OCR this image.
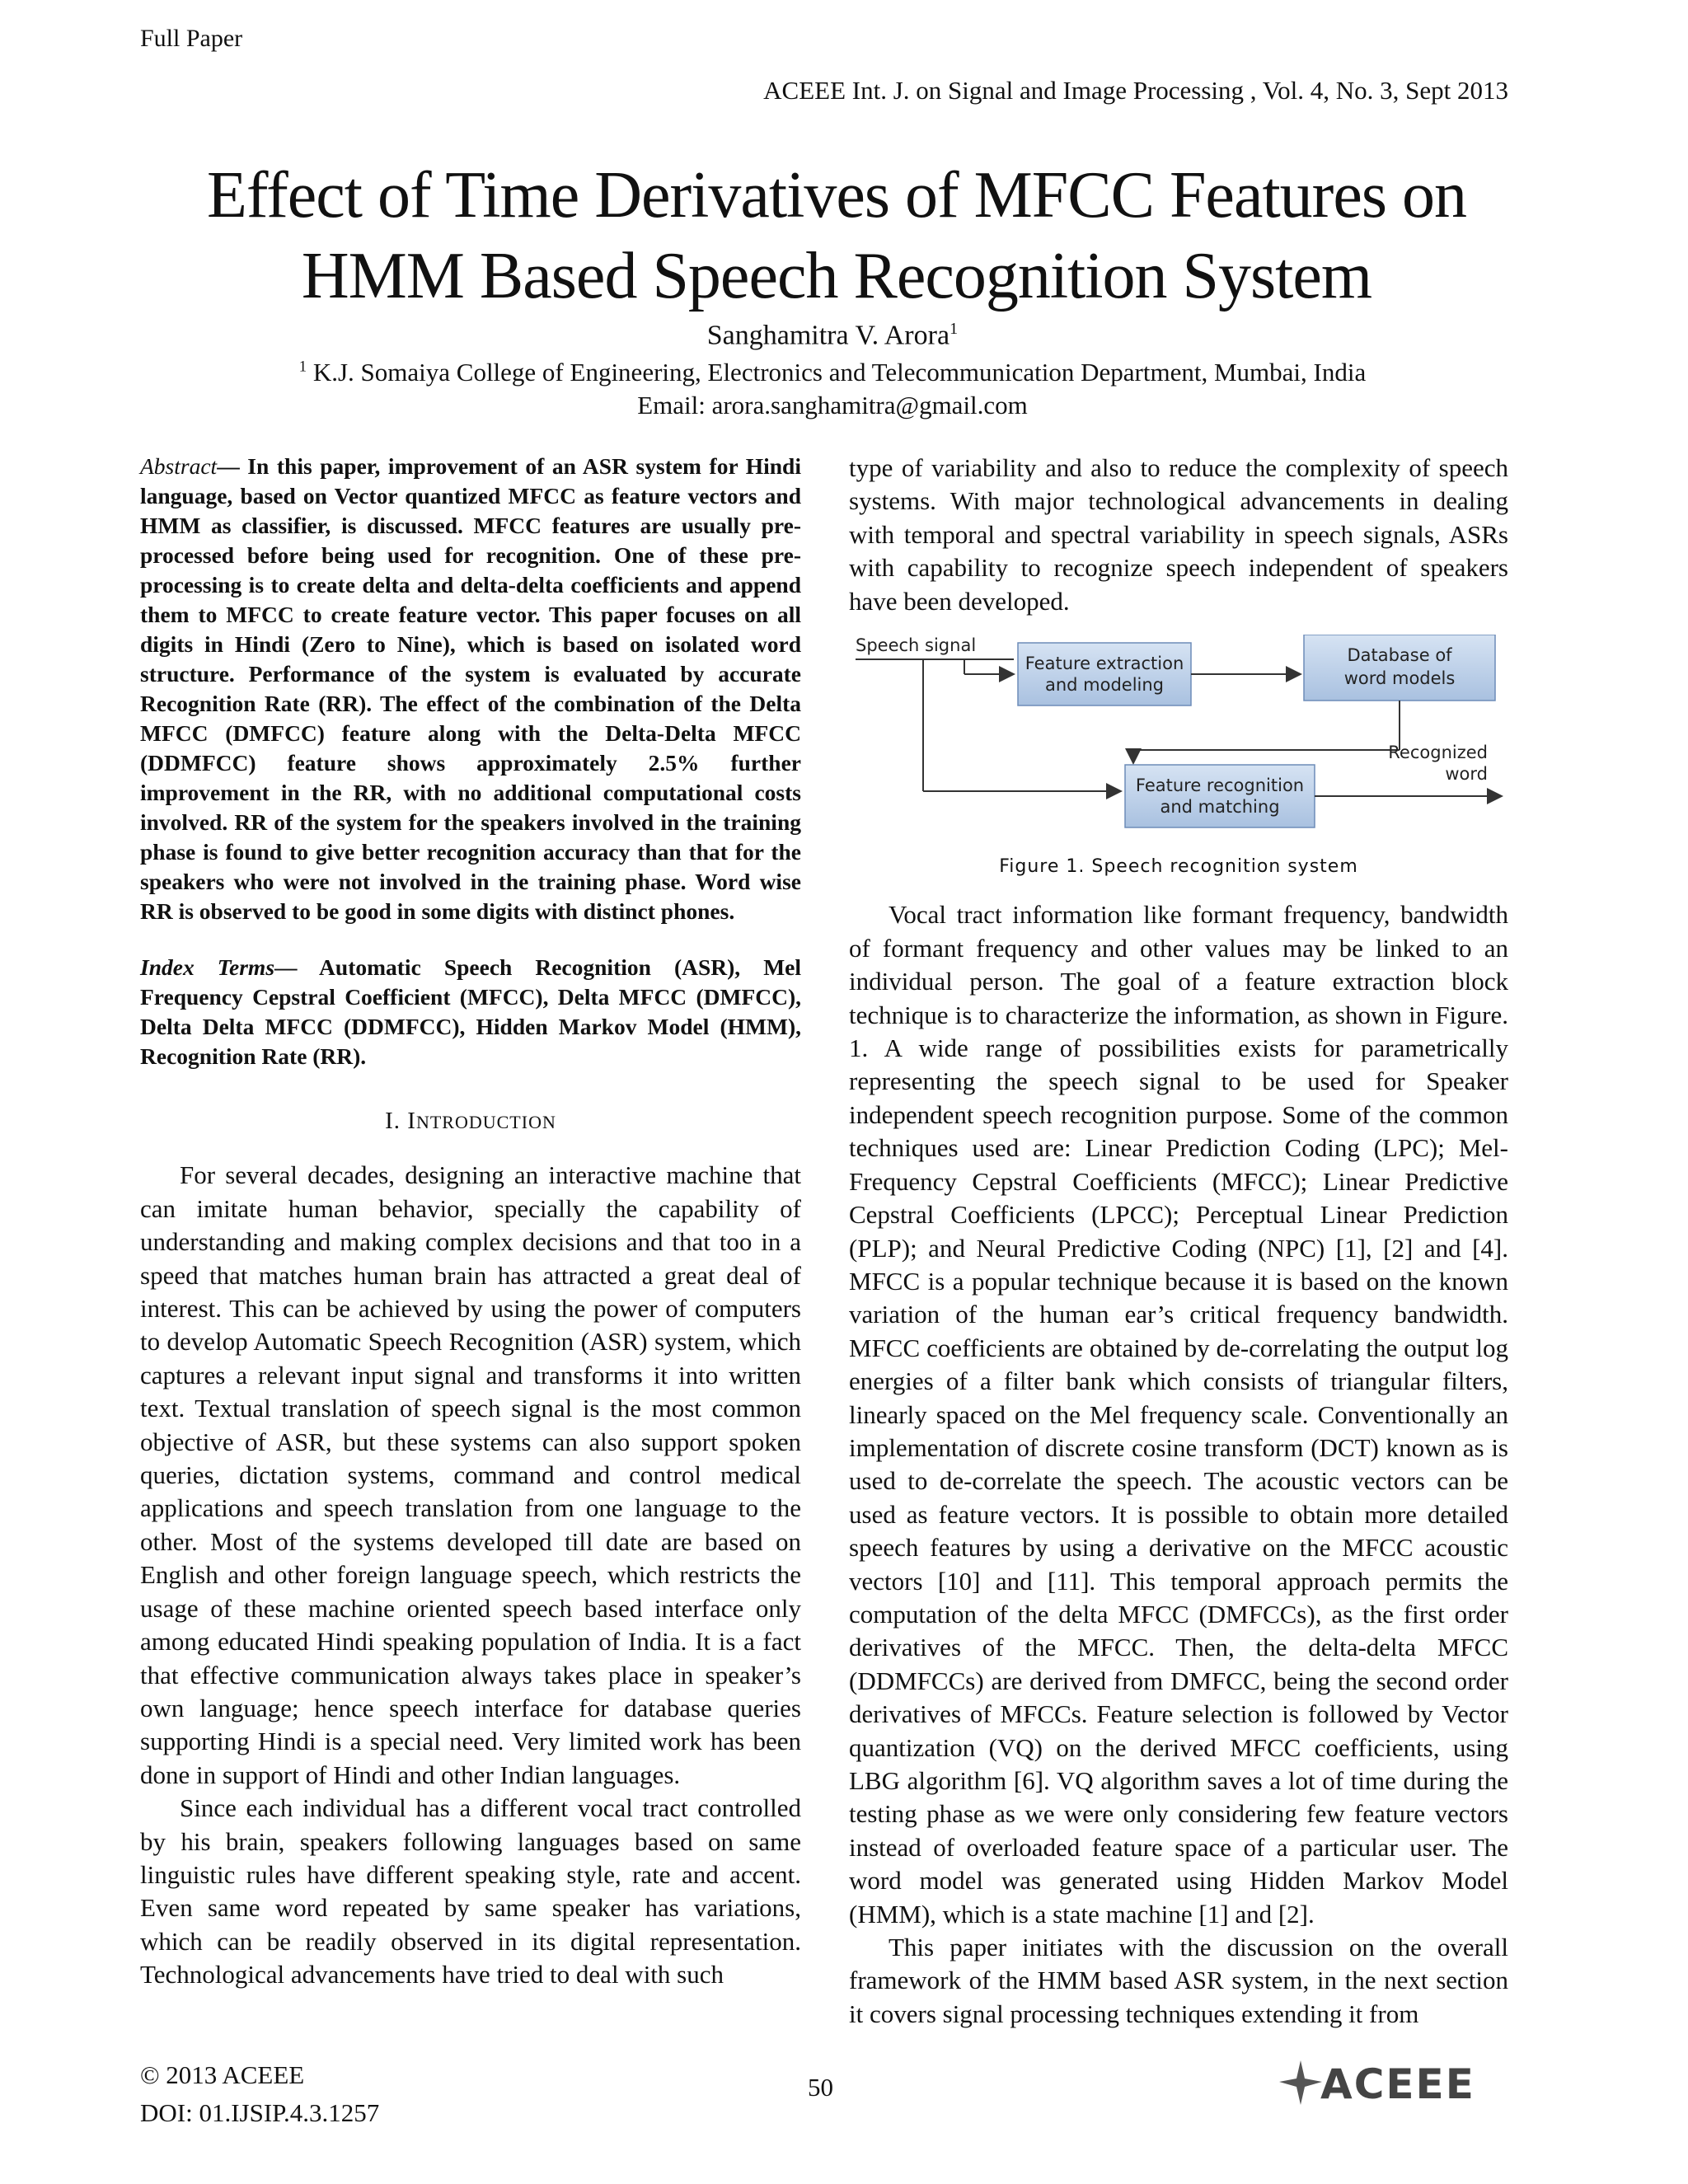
Full Paper
ACEEE Int. J. on Signal and Image Processing , Vol. 4, No. 3, Sept 2013
Effect of Time Derivatives of MFCC Features on
HMM Based Speech Recognition System
Sanghamitra V. Arora$^1$
$^1$ K.J. Somaiya College of Engineering, Electronics and Telecommunication Department, Mumbai, India
Email: arora.sanghamitra@gmail.com

Abstract— In this paper, improvement of an ASR system for Hindi language, based on Vector quantized MFCC as feature vectors and HMM as classifier, is discussed. MFCC features are usually pre-processed before being used for recognition. One of these pre-processing is to create delta and delta-delta coefficients and append them to MFCC to create feature vector. This paper focuses on all digits in Hindi (Zero to Nine), which is based on isolated word structure. Performance of the system is evaluated by accurate Recognition Rate (RR). The effect of the combination of the Delta MFCC (DMFCC) feature along with the Delta-Delta MFCC (DDMFCC) feature shows approximately 2.5% further improvement in the RR, with no additional computational costs involved. RR of the system for the speakers involved in the training phase is found to give better recognition accuracy than that for the speakers who were not involved in the training phase. Word wise RR is observed to be good in some digits with distinct phones.

Index Terms— Automatic Speech Recognition (ASR), Mel Frequency Cepstral Coefficient (MFCC), Delta MFCC (DMFCC), Delta Delta MFCC (DDMFCC), Hidden Markov Model (HMM), Recognition Rate (RR).

I. INTRODUCTION

For several decades, designing an interactive machine that can imitate human behavior, specially the capability of understanding and making complex decisions and that too in a speed that matches human brain has attracted a great deal of interest. This can be achieved by using the power of computers to develop Automatic Speech Recognition (ASR) system, which captures a relevant input signal and transforms it into written text. Textual translation of speech signal is the most common objective of ASR, but these systems can also support spoken queries, dictation systems, command and control medical applications and speech translation from one language to the other. Most of the systems developed till date are based on English and other foreign language speech, which restricts the usage of these machine oriented speech based interface only among educated Hindi speaking population of India. It is a fact that effective communication always takes place in speaker’s own language; hence speech interface for database queries supporting Hindi is a special need. Very limited work has been done in support of Hindi and other Indian languages.

Since each individual has a different vocal tract controlled by his brain, speakers following languages based on same linguistic rules have different speaking style, rate and accent. Even same word repeated by same speaker has variations, which can be readily observed in its digital representation. Technological advancements have tried to deal with such

type of variability and also to reduce the complexity of speech systems. With major technological advancements in dealing with temporal and spectral variability in speech signals, ASRs with capability to recognize speech independent of speakers have been developed.

Speech signal
Feature extraction
and modeling
Database of
word models
Feature recognition
and matching
Recognized
word
Figure 1. Speech recognition system

Vocal tract information like formant frequency, bandwidth of formant frequency and other values may be linked to an individual person. The goal of a feature extraction block technique is to characterize the information, as shown in Figure. 1. A wide range of possibilities exists for parametrically representing the speech signal to be used for Speaker independent speech recognition purpose. Some of the common techniques used are: Linear Prediction Coding (LPC); Mel-Frequency Cepstral Coefficients (MFCC); Linear Predictive Cepstral Coefficients (LPCC); Perceptual Linear Prediction (PLP); and Neural Predictive Coding (NPC) [1], [2] and [4]. MFCC is a popular technique because it is based on the known variation of the human ear’s critical frequency bandwidth. MFCC coefficients are obtained by de-correlating the output log energies of a filter bank which consists of triangular filters, linearly spaced on the Mel frequency scale. Conventionally an implementation of discrete cosine transform (DCT) known as is used to de-correlate the speech. The acoustic vectors can be used as feature vectors. It is possible to obtain more detailed speech features by using a derivative on the MFCC acoustic vectors [10] and [11]. This temporal approach permits the computation of the delta MFCC (DMFCCs), as the first order derivatives of the MFCC. Then, the delta-delta MFCC (DDMFCCs) are derived from DMFCC, being the second order derivatives of MFCCs. Feature selection is followed by Vector quantization (VQ) on the derived MFCC coefficients, using LBG algorithm [6]. VQ algorithm saves a lot of time during the testing phase as we were only considering few feature vectors instead of overloaded feature space of a particular user. The word model was generated using Hidden Markov Model (HMM), which is a state machine [1] and [2].

This paper initiates with the discussion on the overall framework of the HMM based ASR system, in the next section it covers signal processing techniques extending it from

© 2013 ACEEE
DOI: 01.IJSIP.4.3.1257
50	ACEEE
